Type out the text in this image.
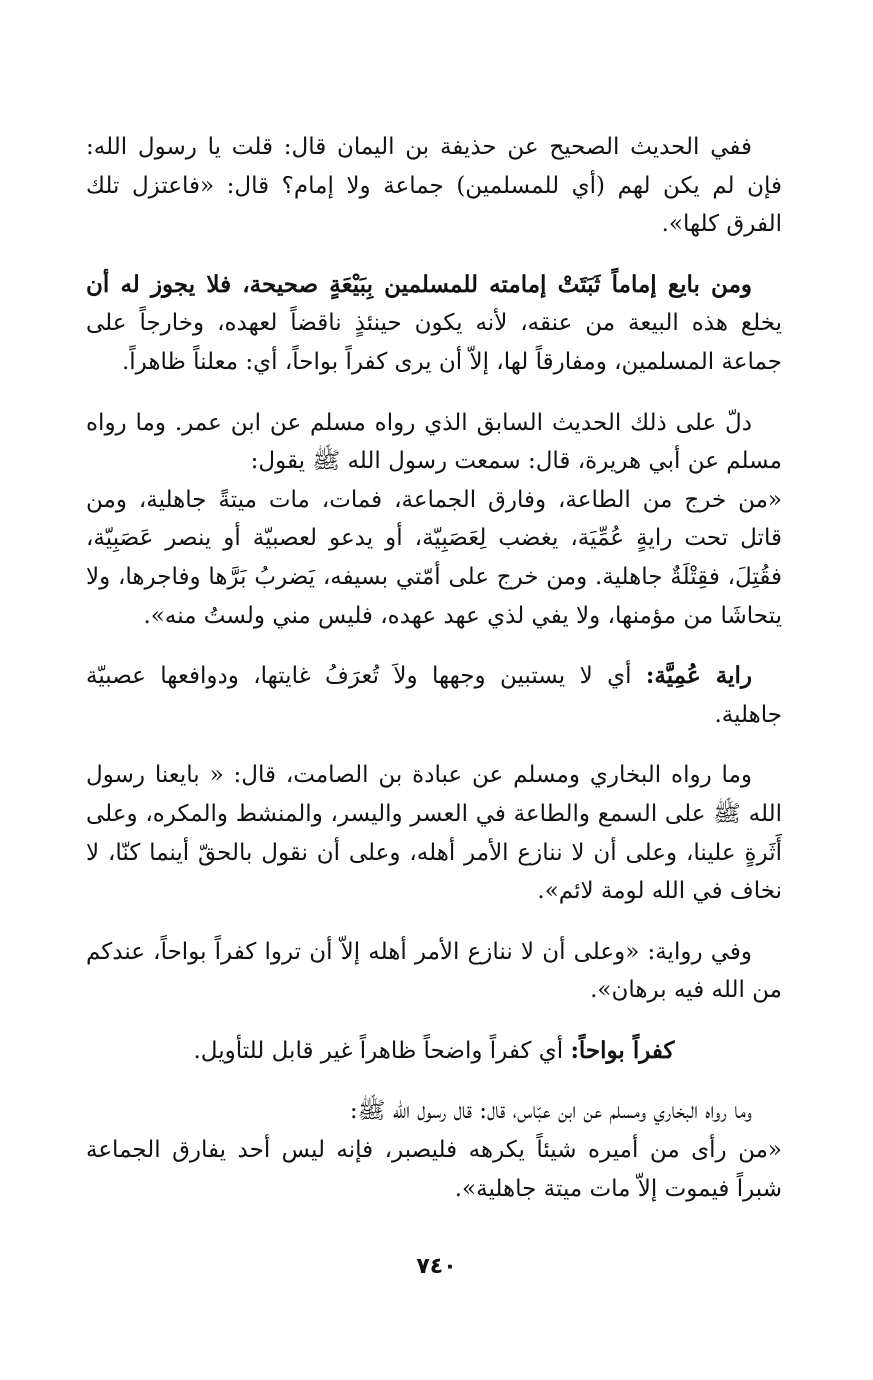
ففي الحديث الصحيح عن حذيفة بن اليمان قال: قلت يا رسول الله: فإن لم يكن لهم (أي للمسلمين) جماعة ولا إمام؟ قال: «فاعتزل تلك الفرق كلها».

ومن بايع إماماً ثَبَتَتْ إمامته للمسلمين بِبَيْعَةٍ صحيحة، فلا يجوز له أن يخلع هذه البيعة من عنقه، لأنه يكون حينئذٍ ناقضاً لعهده، وخارجاً على جماعة المسلمين، ومفارقاً لها، إلاّ أن يرى كفراً بواحاً، أي: معلناً ظاهراً.

دلّ على ذلك الحديث السابق الذي رواه مسلم عن ابن عمر. وما رواه مسلم عن أبي هريرة، قال: سمعت رسول الله ﷺ يقول:

«من خرج من الطاعة، وفارق الجماعة، فمات، مات ميتةً جاهلية، ومن قاتل تحت رايةٍ عُمِّيَة، يغضب لِعَصَبِيّة، أو يدعو لعصبيّة أو ينصر عَصَبِيّة، فقُتِلَ، فقِتْلَةٌ جاهلية. ومن خرج على أمّتي بسيفه، يَضربُ بَرَّها وفاجرها، ولا يتحاشَا من مؤمنها، ولا يفي لذي عهد عهده، فليس مني ولستُ منه».

راية عُمِيَّة: أي لا يستبين وجهها ولاَ تُعرَفُ غايتها، ودوافعها عصبيّة جاهلية.

وما رواه البخاري ومسلم عن عبادة بن الصامت، قال: « بايعنا رسول الله ﷺ على السمع والطاعة في العسر واليسر، والمنشط والمكره، وعلى أَثَرةٍ علينا، وعلى أن لا ننازع الأمر أهله، وعلى أن نقول بالحقّ أينما كنّا، لا نخاف في الله لومة لائم».

وفي رواية: «وعلى أن لا ننازع الأمر أهله إلاّ أن تروا كفراً بواحاً، عندكم من الله فيه برهان».

كفراً بواحاً: أي كفراً واضحاً ظاهراً غير قابل للتأويل.

وما رواه البخاري ومسلم عن ابن عبّاس، قال: قال رسول الله ﷺ:

«من رأى من أميره شيئاً يكرهه فليصبر، فإنه ليس أحد يفارق الجماعة شبراً فيموت إلاّ مات ميتة جاهلية».

٧٤٠
